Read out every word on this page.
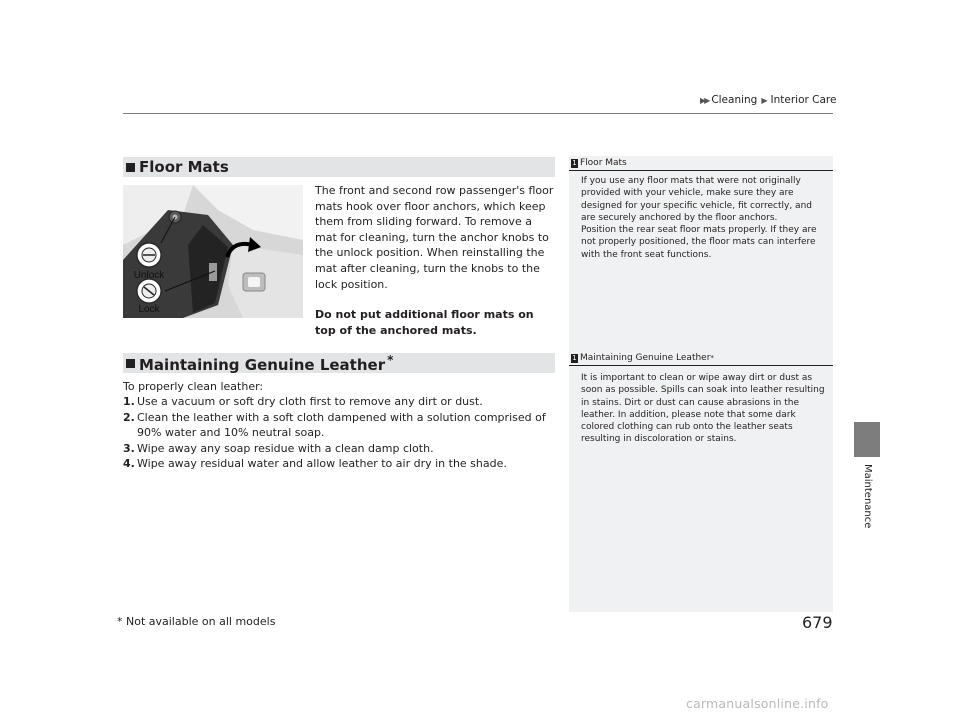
▶▶ Cleaning ▶ Interior Care
Maintenance
Floor Mats
Unlock
Lock
The front and second row passenger's floor mats hook over floor anchors, which keep them from sliding forward. To remove a mat for cleaning, turn the anchor knobs to the unlock position. When reinstalling the mat after cleaning, turn the knobs to the lock position.
Do not put additional floor mats on top of the anchored mats.
1 Floor Mats

If you use any floor mats that were not originally provided with your vehicle, make sure they are designed for your specific vehicle, fit correctly, and are securely anchored by the floor anchors.

Position the rear seat floor mats properly. If they are not properly positioned, the floor mats can interfere with the front seat functions.

Maintaining Genuine Leather *

To properly clean leather:

1. Use a vacuum or soft dry cloth first to remove any dirt or dust.
2. Clean the leather with a soft cloth dampened with a solution comprised of 90% water and 10% neutral soap.
3. Wipe away any soap residue with a clean damp cloth.
4. Wipe away residual water and allow leather to air dry in the shade.
1 Maintaining Genuine Leather *

It is important to clean or wipe away dirt or dust as soon as possible. Spills can soak into leather resulting in stains. Dirt or dust can cause abrasions in the leather. In addition, please note that some dark colored clothing can rub onto the leather seats resulting in discoloration or stains.

* Not available on all models	679
carmanualsonline.info
